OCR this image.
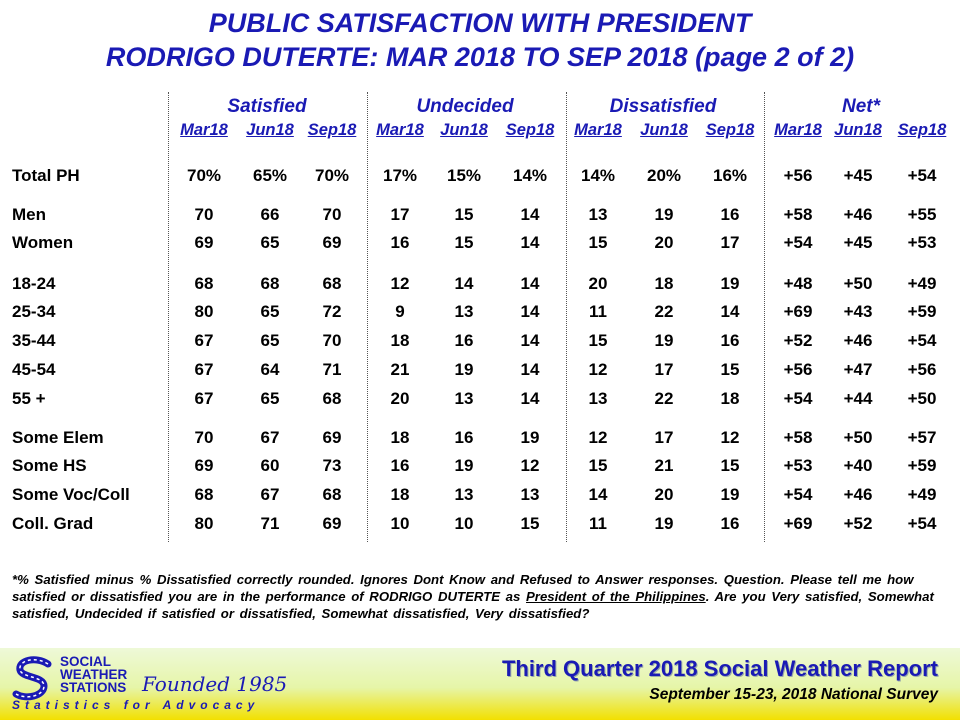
PUBLIC SATISFACTION WITH PRESIDENT
RODRIGO DUTERTE: MAR 2018 TO SEP 2018 (page 2 of 2)
Satisfied	Undecided	Dissatisfied	Net*
Mar18	Jun18 Sep18	Mar18 Jun18	Sep18	Mar18	Jun18	Sep18	Mar18 Jun18 Sep18
Total PH	70%	65%	70%	17%	15%	14%	14%	20%	16%	+56	+45	+54
Men	70	66	70	17	15	14	13	19	16	+58	+46	+55
Women	69	65	69	16	15	14	15	20	17	+54	+45	+53
18-24	68	68	68	12	14	14	20	18	19	+48	+50	+49
25-34	80	65	72	9	13	14	11	22	14	+69	+43	+59
35-44	67	65	70	18	16	14	15	19	16	+52	+46	+54
45-54	67	64	71	21	19	14	12	17	15	+56	+47	+56
55 +	67	65	68	20	13	14	13	22	18	+54	+44	+50
Some Elem	70	67	69	18	16	19	12	17	12	+58	+50	+57
Some HS	69	60	73	16	19	12	15	21	15	+53	+40	+59
Some Voc/Coll	68	67	68	18	13	13	14	20	19	+54	+46	+49
Coll. Grad	80	71	69	10	10	15	11	19	16	+69	+52	+54
*% Satisfied minus % Dissatisfied correctly rounded. Ignores Dont Know and Refused to Answer responses. Question. Please tell me how satisfied or dissatisfied you are in the performance of RODRIGO DUTERTE as President of the Philippines. Are you Very satisfied, Somewhat satisfied, Undecided if satisfied or dissatisfied, Somewhat dissatisfied, Very dissatisfied?
SOCIAL
WEATHER
STATIONS Founded 1985
Statistics for Advocacy
Third Quarter 2018 Social Weather Report
September 15-23, 2018 National Survey
